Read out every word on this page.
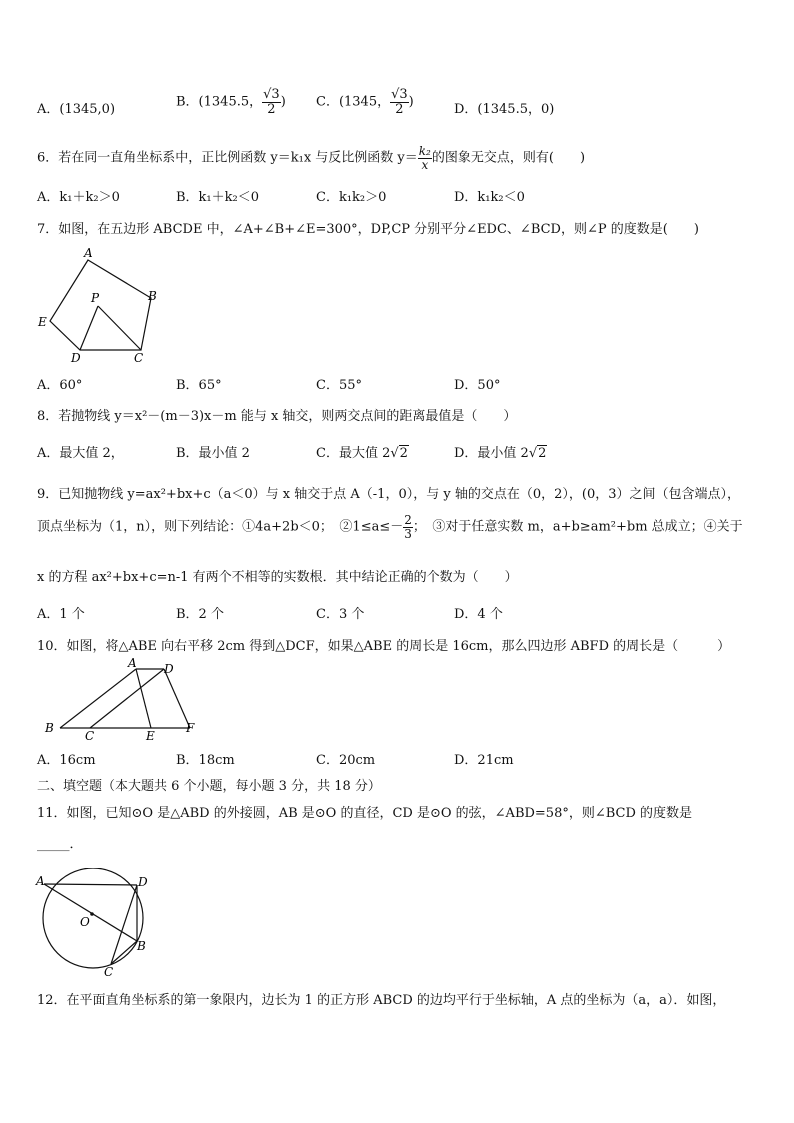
A．(1345,0)	B．(1345.5， $\frac{√3}{2}$ ) C．(1345， $\frac{√3}{2}$ )	D．(1345.5，0)
6．若在同一直角坐标系中，正比例函数 y＝k₁x 与反比例函数 $y= \frac{\text{k₂}}{x}$ 的图象无交点，则有(　　)
A．k₁＋k₂＞0	B．k₁＋k₂＜0	C．k₁k₂＞0	D．k₁k₂＜0
7．如图，在五边形 ABCDE 中，∠A+∠B+∠E=300°，DP,CP 分别平分∠EDC、∠BCD，则∠P 的度数是(　　)
A
B
C
D
E
P
A．60°	B．65°	C．55°	D．50°
8．若抛物线 y＝x²－(m－3)x－m 能与 x 轴交，则两交点间的距离最值是（　　）
A．最大值 2，	B．最小值 2	C．最大值 2√2	D．最小值 2√2
9．已知抛物线 y=ax²+bx+c（a＜0）与 x 轴交于点 A（-1，0），与 y 轴的交点在（0，2），(0，3）之间（包含端点），
顶点坐标为（1，n），则下列结论：①4a+2b＜0；　②1≤a≤－ $\frac{2}{3}$ ；　③对于任意实数 m，a+b≥am²+bm 总成立；④关于
x 的方程 ax²+bx+c=n-1 有两个不相等的实数根．其中结论正确的个数为（　　）
A．1 个	B．2 个	C．3 个	D．4 个
10．如图，将△ABE 向右平移 2cm 得到△DCF，如果△ABE 的周长是 16cm，那么四边形 ABFD 的周长是（　　　）
A D
B
C	E
F
A．16cm	B．18cm	C．20cm	D．21cm
二、填空题（本大题共 6 个小题，每小题 3 分，共 18 分）
11．如图，已知⊙O 是△ABD 的外接圆，AB 是⊙O 的直径，CD 是⊙O 的弦，∠ABD=58°，则∠BCD 的度数是
_____．
A	D
O
B
C
12．在平面直角坐标系的第一象限内，边长为 1 的正方形 ABCD 的边均平行于坐标轴，A 点的坐标为（a，a）．如图，
